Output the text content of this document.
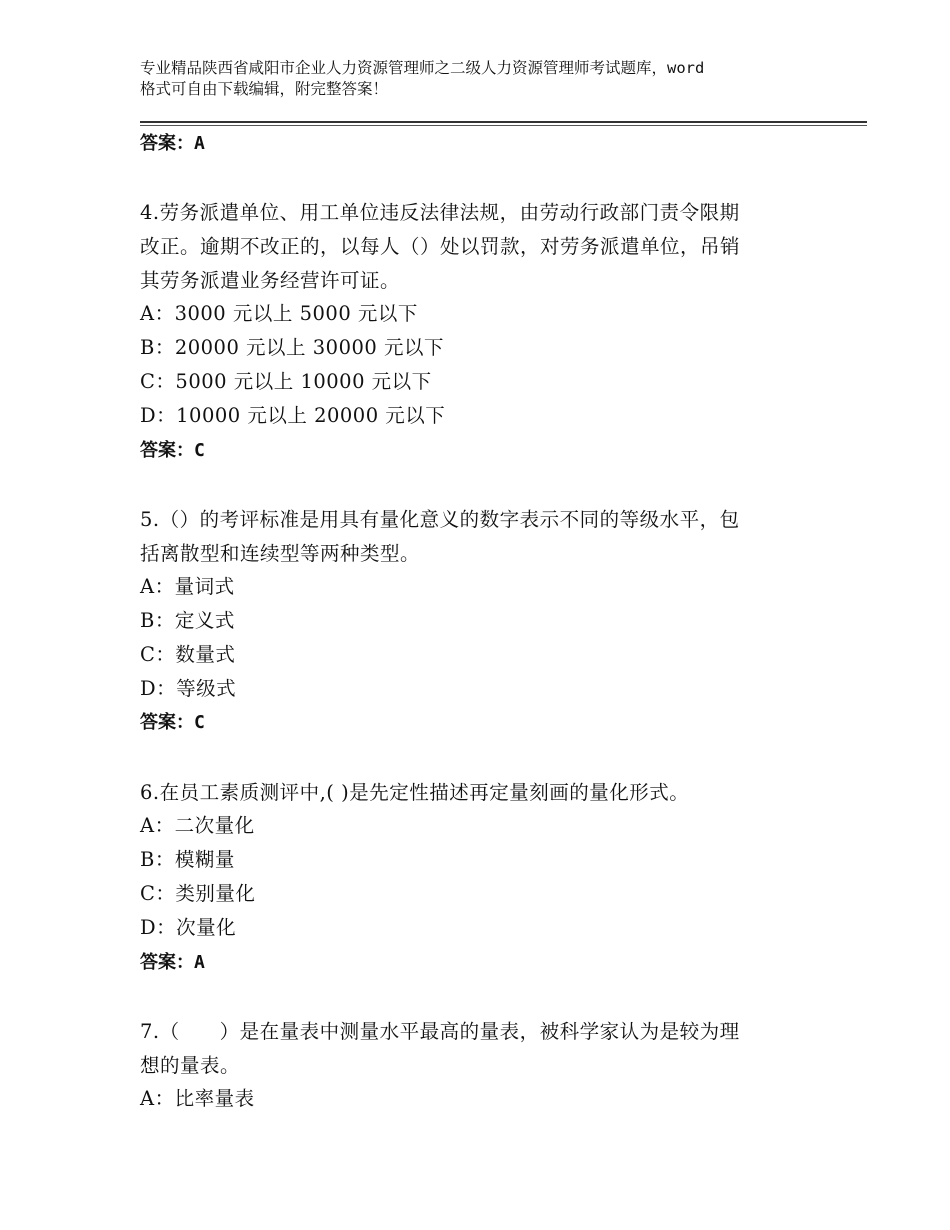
专业精品陕西省咸阳市企业人力资源管理师之二级人力资源管理师考试题库，word
格式可自由下载编辑，附完整答案！
答案：A
4.劳务派遣单位、用工单位违反法律法规，由劳动行政部门责令限期
改正。逾期不改正的，以每人（）处以罚款，对劳务派遣单位，吊销
其劳务派遣业务经营许可证。
A：3000 元以上 5000 元以下
B：20000 元以上 30000 元以下
C：5000 元以上 10000 元以下
D：10000 元以上 20000 元以下
答案：C
5.（）的考评标准是用具有量化意义的数字表示不同的等级水平，包
括离散型和连续型等两种类型。
A：量词式
B：定义式
C：数量式
D：等级式
答案：C
6.在员工素质测评中,( )是先定性描述再定量刻画的量化形式。
A：二次量化
B：模糊量
C：类别量化
D：次量化
答案：A
7.（　　）是在量表中测量水平最高的量表，被科学家认为是较为理
想的量表。
A：比率量表
